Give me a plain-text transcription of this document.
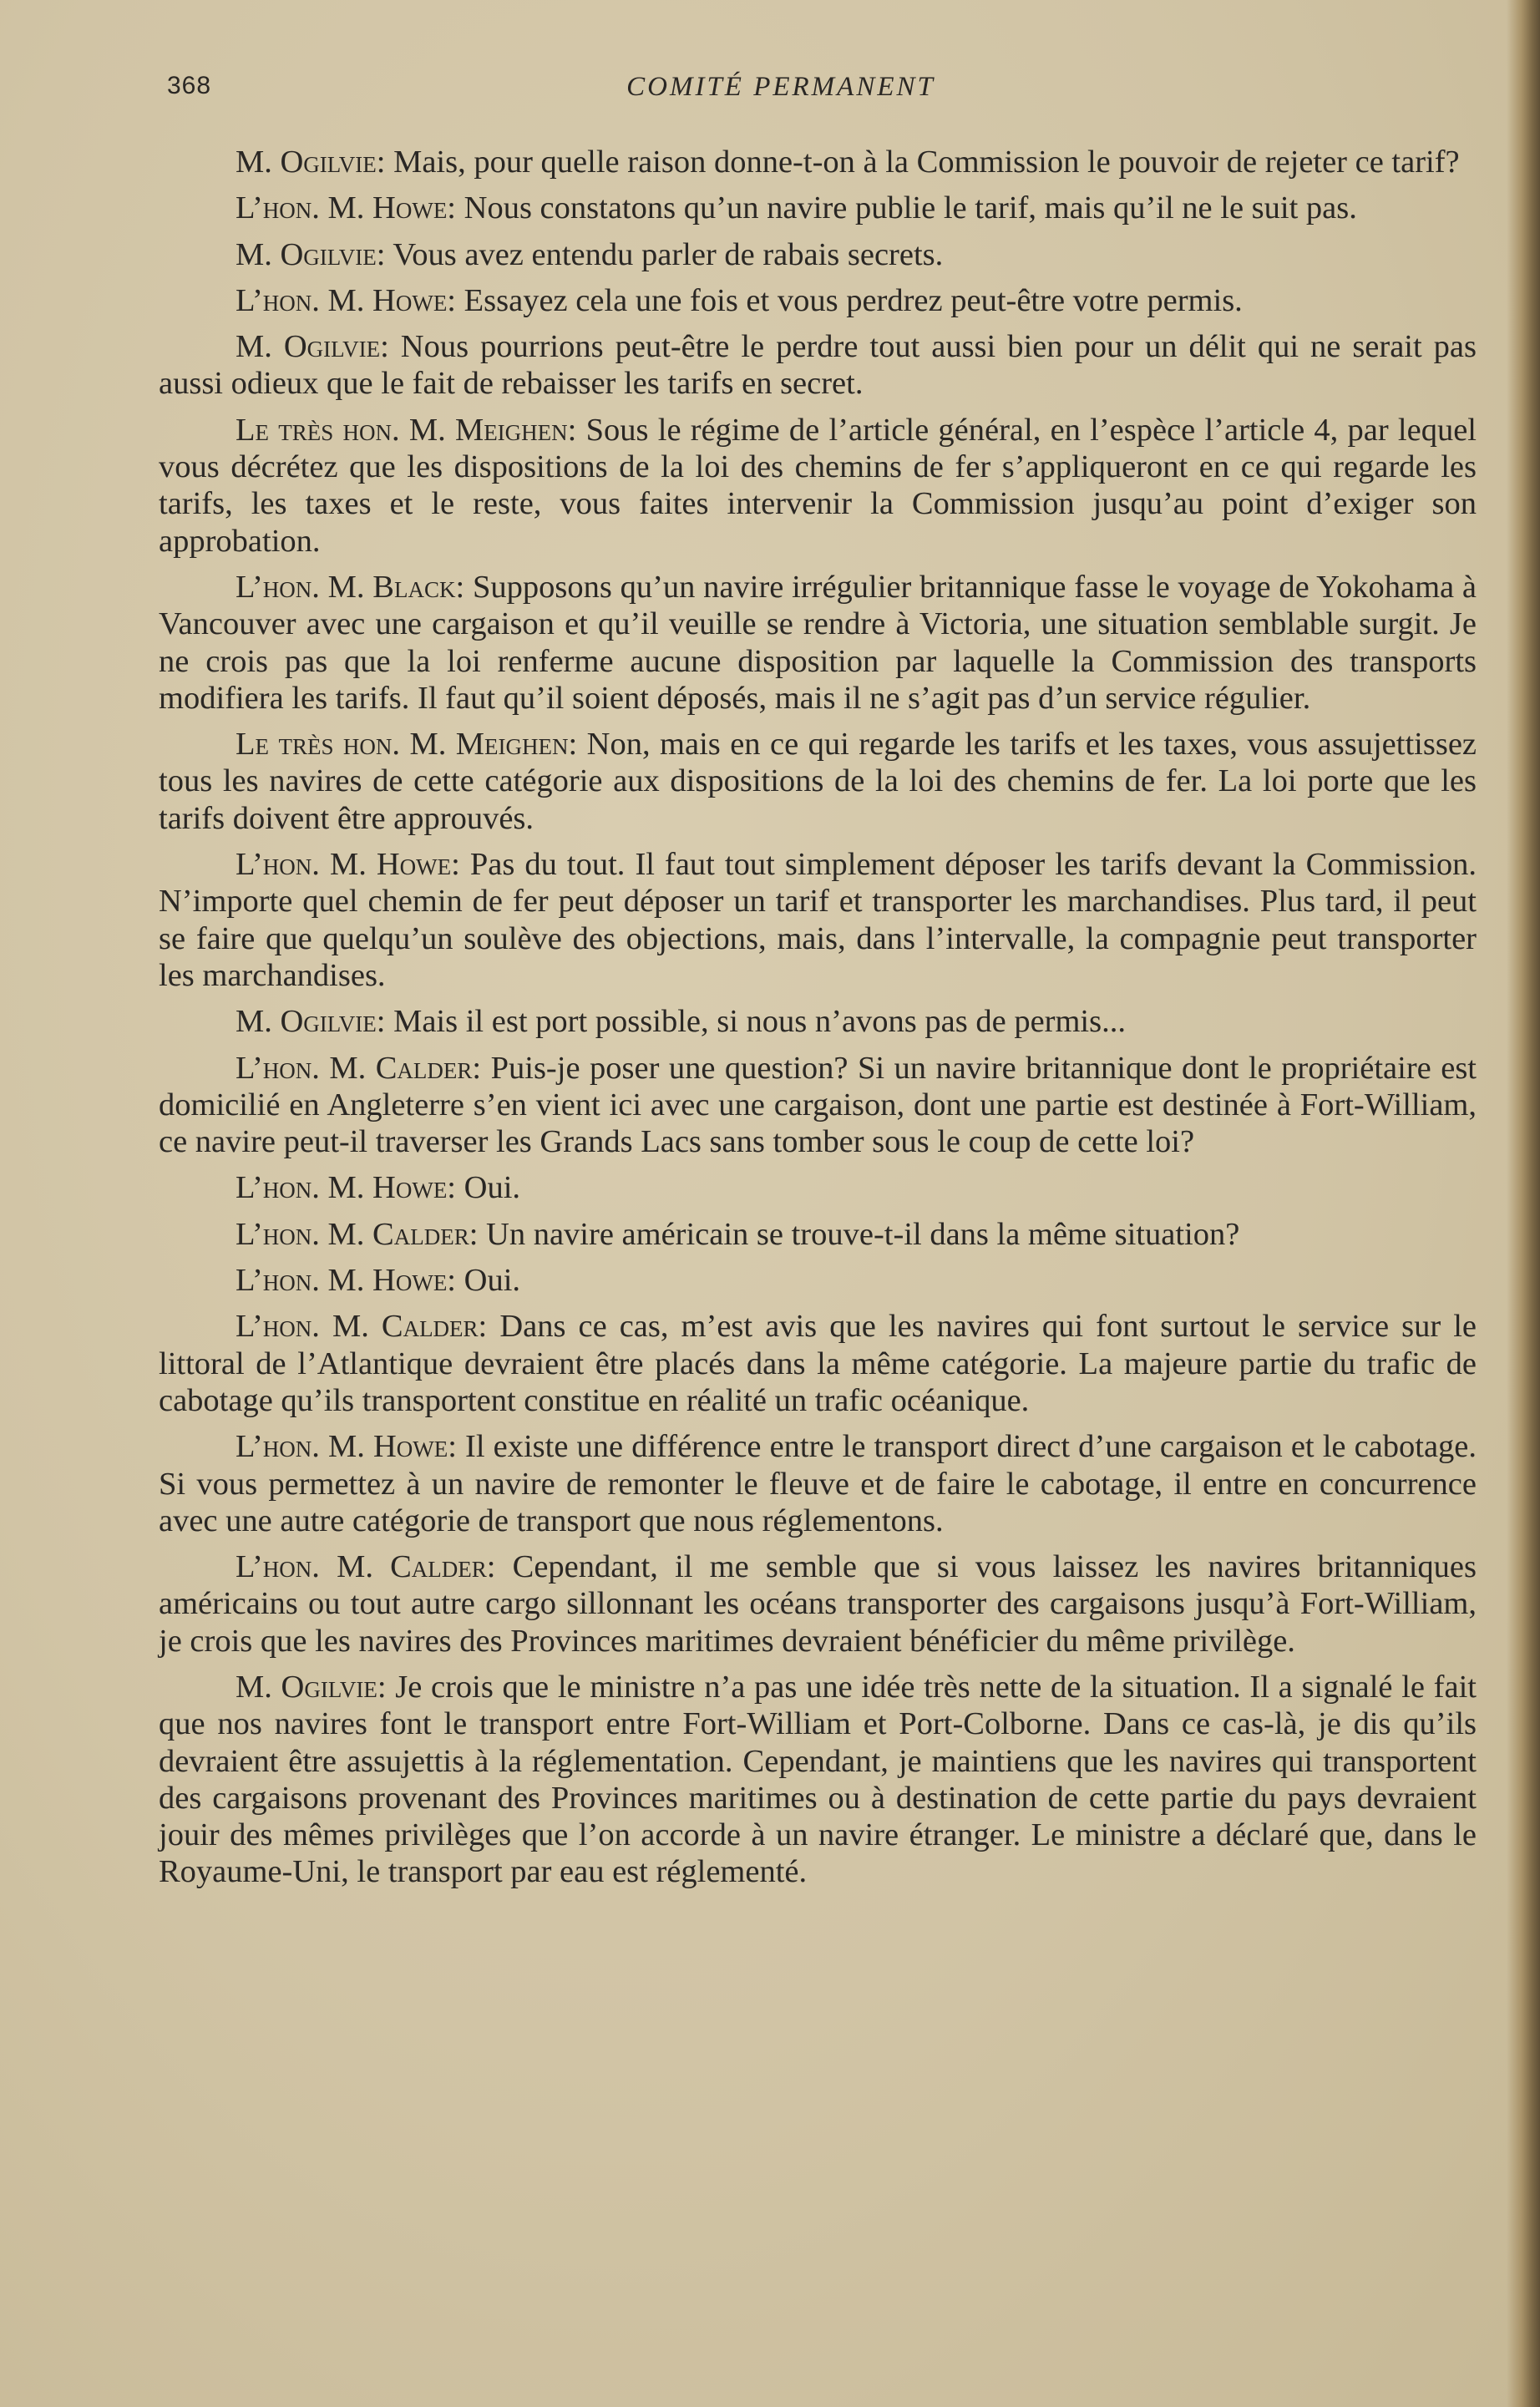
368	COMITÉ PERMANENT

M. Ogilvie: Mais, pour quelle raison donne-t-on à la Commission le pouvoir de rejeter ce tarif?

L’hon. M. Howe: Nous constatons qu’un navire publie le tarif, mais qu’il ne le suit pas.

M. Ogilvie: Vous avez entendu parler de rabais secrets.

L’hon. M. Howe: Essayez cela une fois et vous perdrez peut-être votre permis.

M. Ogilvie: Nous pourrions peut-être le perdre tout aussi bien pour un délit qui ne serait pas aussi odieux que le fait de rebaisser les tarifs en secret.

Le très hon. M. Meighen: Sous le régime de l’article général, en l’espèce l’article 4, par lequel vous décrétez que les dispositions de la loi des chemins de fer s’appliqueront en ce qui regarde les tarifs, les taxes et le reste, vous faites intervenir la Commission jusqu’au point d’exiger son approbation.

L’hon. M. Black: Supposons qu’un navire irrégulier britannique fasse le voyage de Yokohama à Vancouver avec une cargaison et qu’il veuille se rendre à Victoria, une situation semblable surgit. Je ne crois pas que la loi renferme aucune disposition par laquelle la Commission des transports modifiera les tarifs. Il faut qu’il soient déposés, mais il ne s’agit pas d’un service régulier.

Le très hon. M. Meighen: Non, mais en ce qui regarde les tarifs et les taxes, vous assujettissez tous les navires de cette catégorie aux dispositions de la loi des chemins de fer. La loi porte que les tarifs doivent être approuvés.

L’hon. M. Howe: Pas du tout. Il faut tout simplement déposer les tarifs devant la Commission. N’importe quel chemin de fer peut déposer un tarif et transporter les marchandises. Plus tard, il peut se faire que quelqu’un soulève des objections, mais, dans l’intervalle, la compagnie peut transporter les marchandises.

M. Ogilvie: Mais il est port possible, si nous n’avons pas de permis...

L’hon. M. Calder: Puis-je poser une question? Si un navire britannique dont le propriétaire est domicilié en Angleterre s’en vient ici avec une cargaison, dont une partie est destinée à Fort-William, ce navire peut-il traverser les Grands Lacs sans tomber sous le coup de cette loi?

L’hon. M. Howe: Oui.

L’hon. M. Calder: Un navire américain se trouve-t-il dans la même situation?

L’hon. M. Howe: Oui.

L’hon. M. Calder: Dans ce cas, m’est avis que les navires qui font surtout le service sur le littoral de l’Atlantique devraient être placés dans la même catégorie. La majeure partie du trafic de cabotage qu’ils transportent constitue en réalité un trafic océanique.

L’hon. M. Howe: Il existe une différence entre le transport direct d’une cargaison et le cabotage. Si vous permettez à un navire de remonter le fleuve et de faire le cabotage, il entre en concurrence avec une autre catégorie de transport que nous réglementons.

L’hon. M. Calder: Cependant, il me semble que si vous laissez les navires britanniques américains ou tout autre cargo sillonnant les océans transporter des cargaisons jusqu’à Fort-William, je crois que les navires des Provinces maritimes devraient bénéficier du même privilège.

M. Ogilvie: Je crois que le ministre n’a pas une idée très nette de la situation. Il a signalé le fait que nos navires font le transport entre Fort-William et Port-Colborne. Dans ce cas-là, je dis qu’ils devraient être assujettis à la réglementation. Cependant, je maintiens que les navires qui transportent des cargaisons provenant des Provinces maritimes ou à destination de cette partie du pays devraient jouir des mêmes privilèges que l’on accorde à un navire étranger. Le ministre a déclaré que, dans le Royaume-Uni, le transport par eau est réglementé.
